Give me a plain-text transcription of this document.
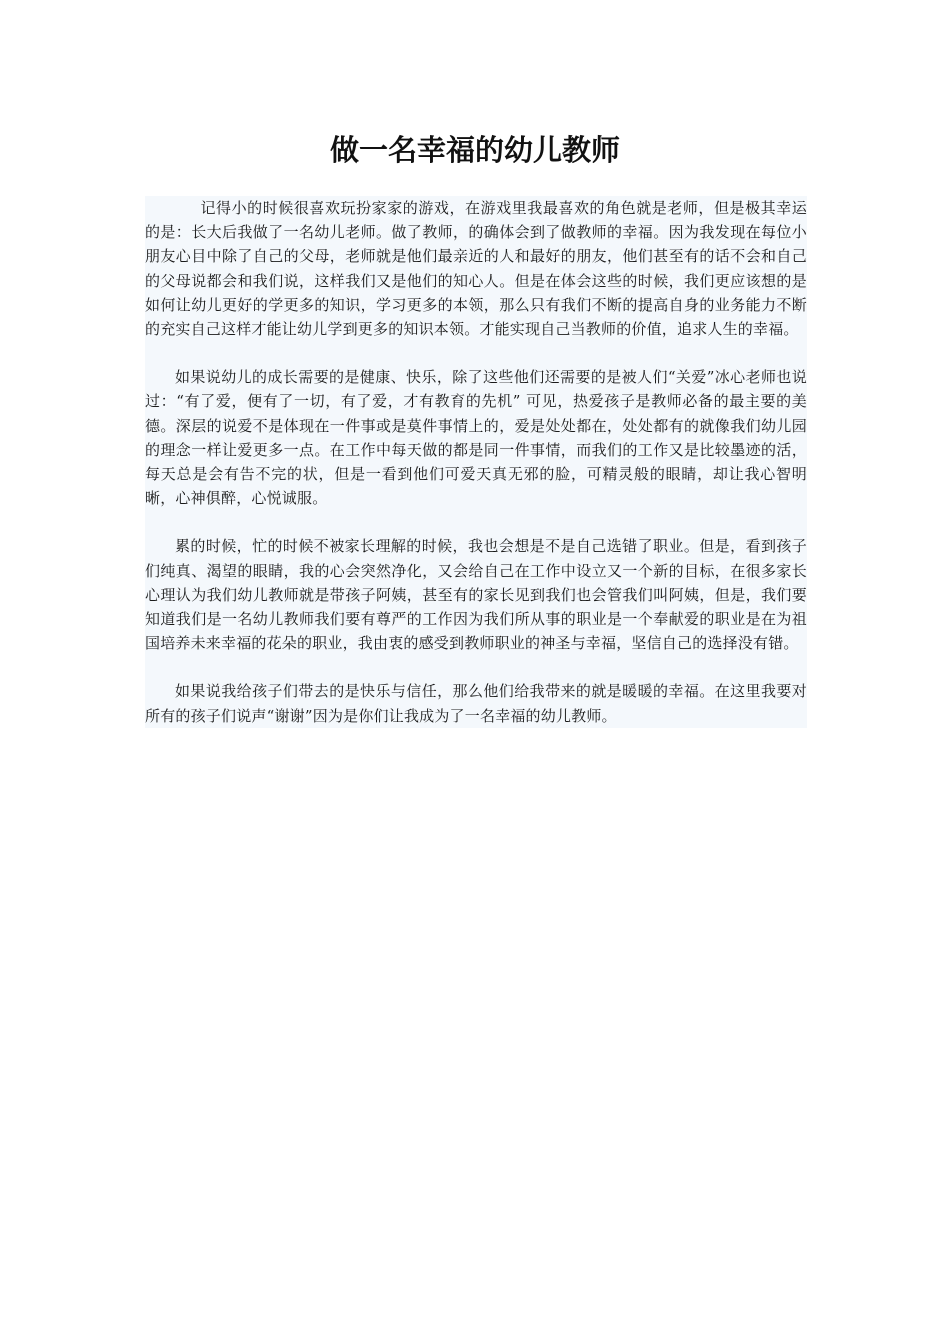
做一名幸福的幼儿教师

记得小的时候很喜欢玩扮家家的游戏，在游戏里我最喜欢的角色就是老师，但是极其幸运的是：长大后我做了一名幼儿老师。做了教师，的确体会到了做教师的幸福。因为我发现在每位小朋友心目中除了自己的父母，老师就是他们最亲近的人和最好的朋友，他们甚至有的话不会和自己的父母说都会和我们说，这样我们又是他们的知心人。但是在体会这些的时候，我们更应该想的是如何让幼儿更好的学更多的知识，学习更多的本领，那么只有我们不断的提高自身的业务能力不断的充实自己这样才能让幼儿学到更多的知识本领。才能实现自己当教师的价值，追求人生的幸福。

如果说幼儿的成长需要的是健康、快乐，除了这些他们还需要的是被人们“关爱”冰心老师也说过：“有了爱，便有了一切，有了爱，才有教育的先机” 可见，热爱孩子是教师必备的最主要的美德。深层的说爱不是体现在一件事或是莫件事情上的，爱是处处都在，处处都有的就像我们幼儿园的理念一样让爱更多一点。在工作中每天做的都是同一件事情，而我们的工作又是比较墨迹的活，每天总是会有告不完的状，但是一看到他们可爱天真无邪的脸，可精灵般的眼睛，却让我心智明晰，心神俱醉，心悦诚服。

累的时候，忙的时候不被家长理解的时候，我也会想是不是自己选错了职业。但是，看到孩子们纯真、渴望的眼睛，我的心会突然净化，又会给自己在工作中设立又一个新的目标，在很多家长心理认为我们幼儿教师就是带孩子阿姨，甚至有的家长见到我们也会管我们叫阿姨，但是，我们要知道我们是一名幼儿教师我们要有尊严的工作因为我们所从事的职业是一个奉献爱的职业是在为祖国培养未来幸福的花朵的职业，我由衷的感受到教师职业的神圣与幸福，坚信自己的选择没有错。

如果说我给孩子们带去的是快乐与信任，那么他们给我带来的就是暖暖的幸福。在这里我要对所有的孩子们说声“谢谢”因为是你们让我成为了一名幸福的幼儿教师。
